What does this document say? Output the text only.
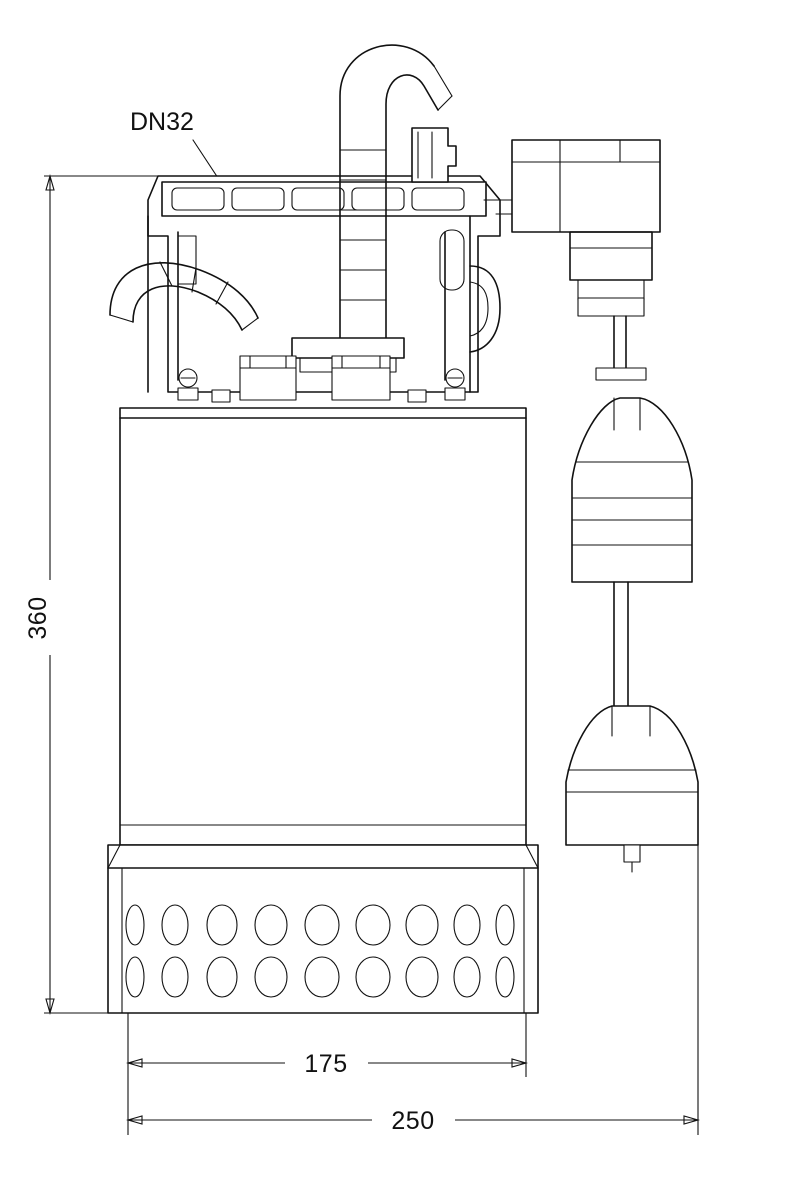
360
175
250
DN32
